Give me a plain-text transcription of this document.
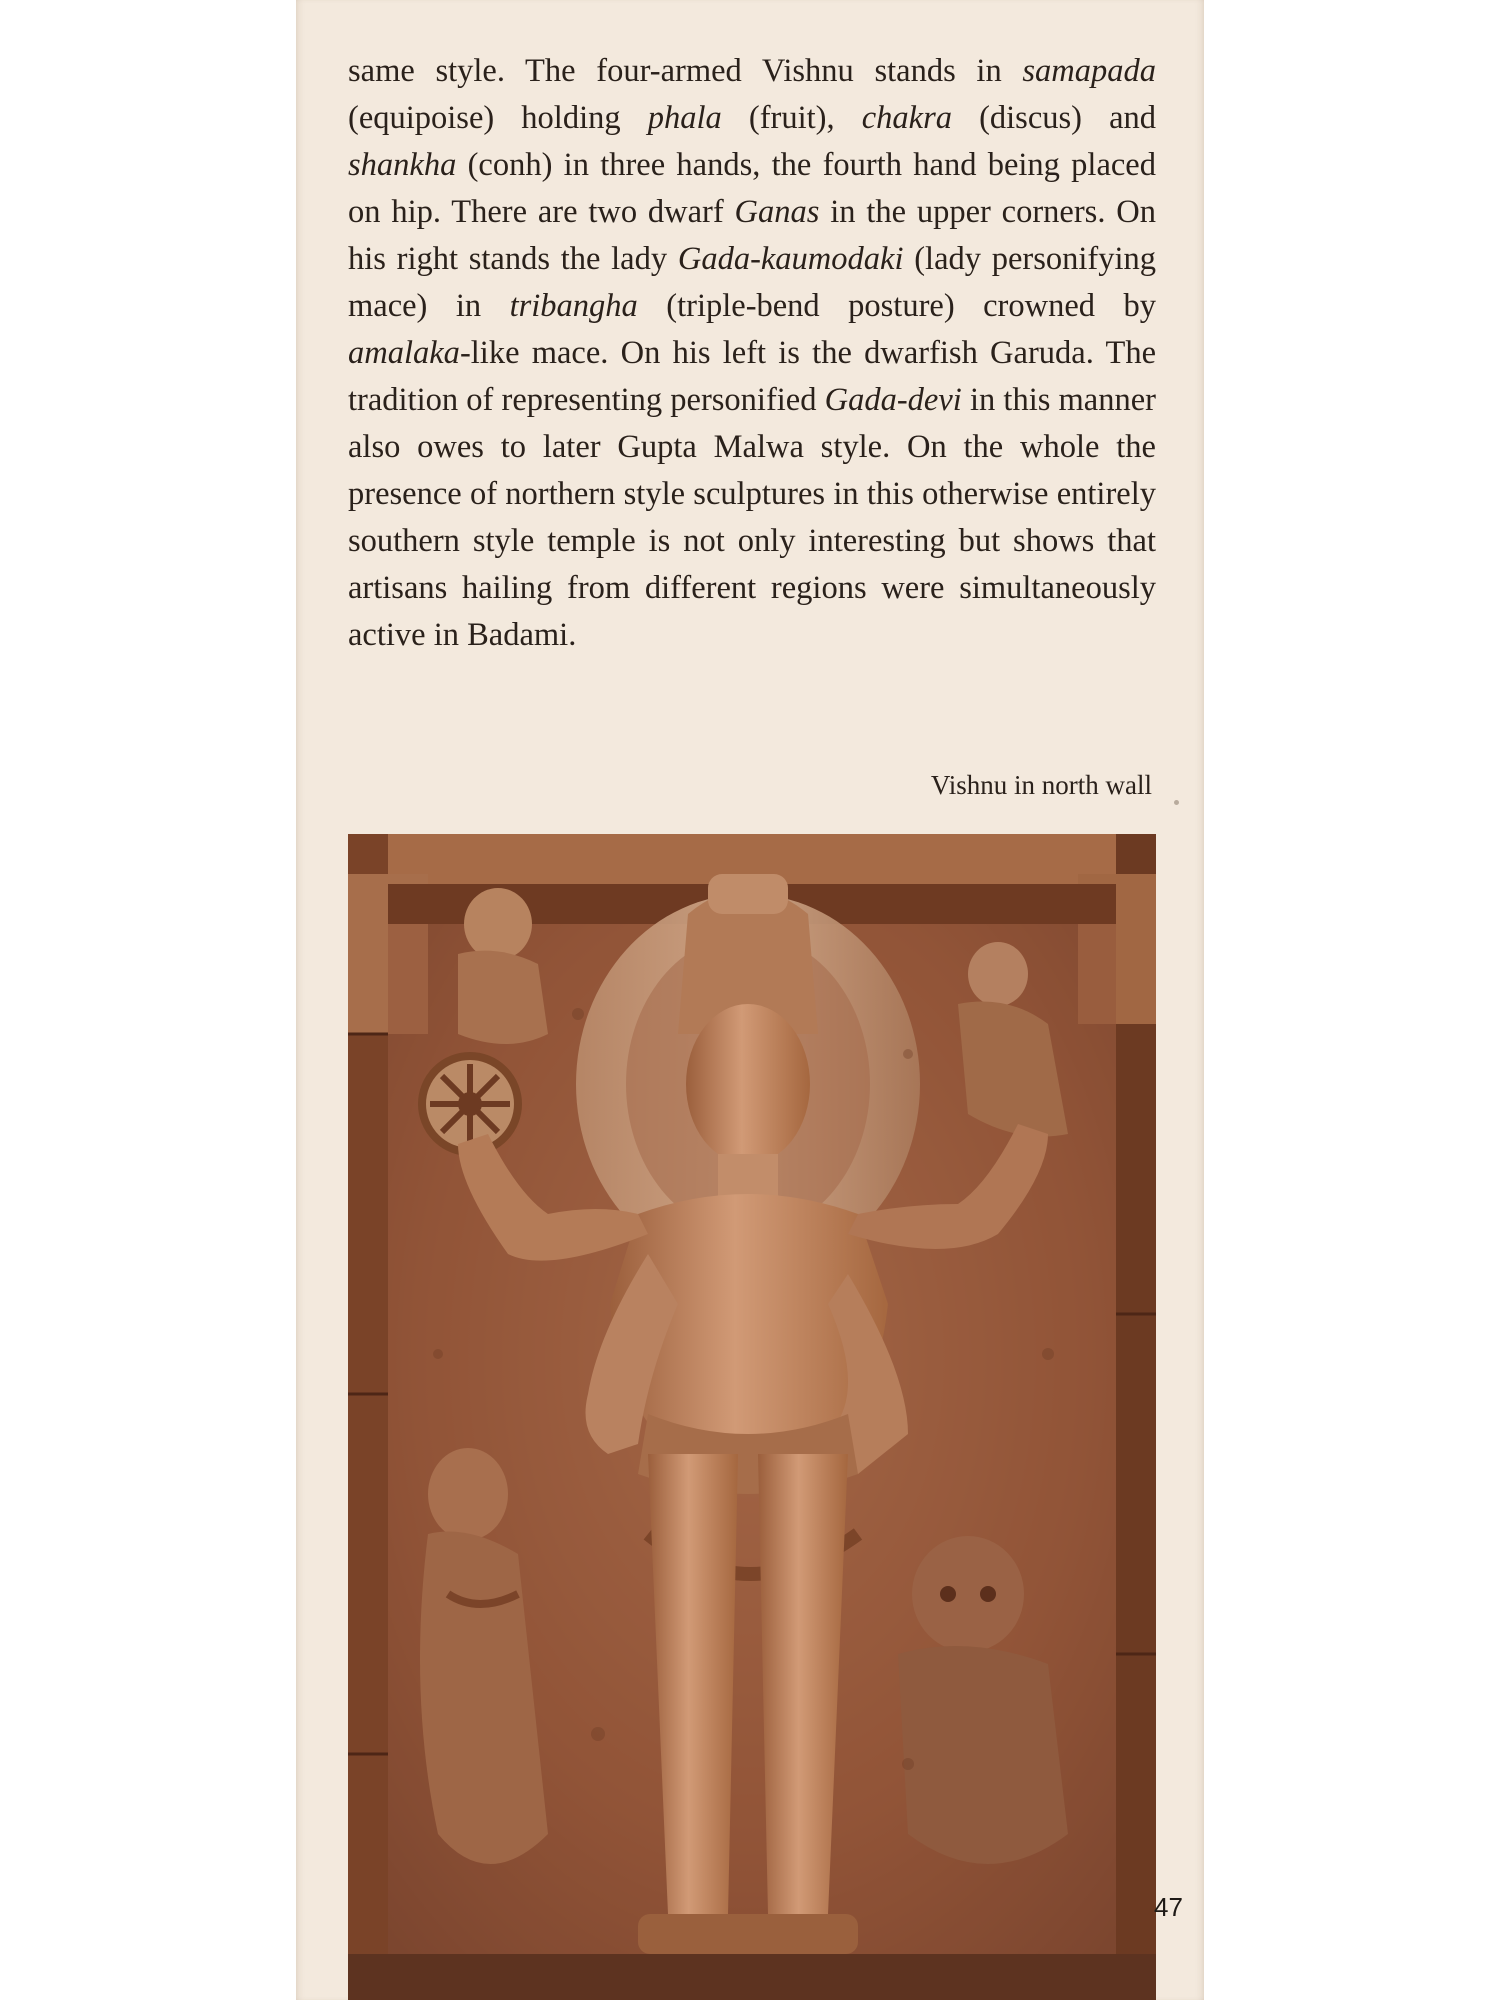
same style. The four-armed Vishnu stands in samapada (equipoise) holding phala (fruit), chakra (discus) and shankha (conh) in three hands, the fourth hand being placed on hip. There are two dwarf Ganas in the upper corners. On his right stands the lady Gada-kaumodaki (lady personifying mace) in tribangha (triple-bend posture) crowned by amalaka-like mace. On his left is the dwarfish Garuda. The tradition of representing personified Gada-devi in this manner also owes to later Gupta Malwa style. On the whole the presence of northern style sculptures in this otherwise entirely southern style temple is not only interesting but shows that artisans hailing from different regions were simultaneously active in Badami.

Vishnu in north wall

47
